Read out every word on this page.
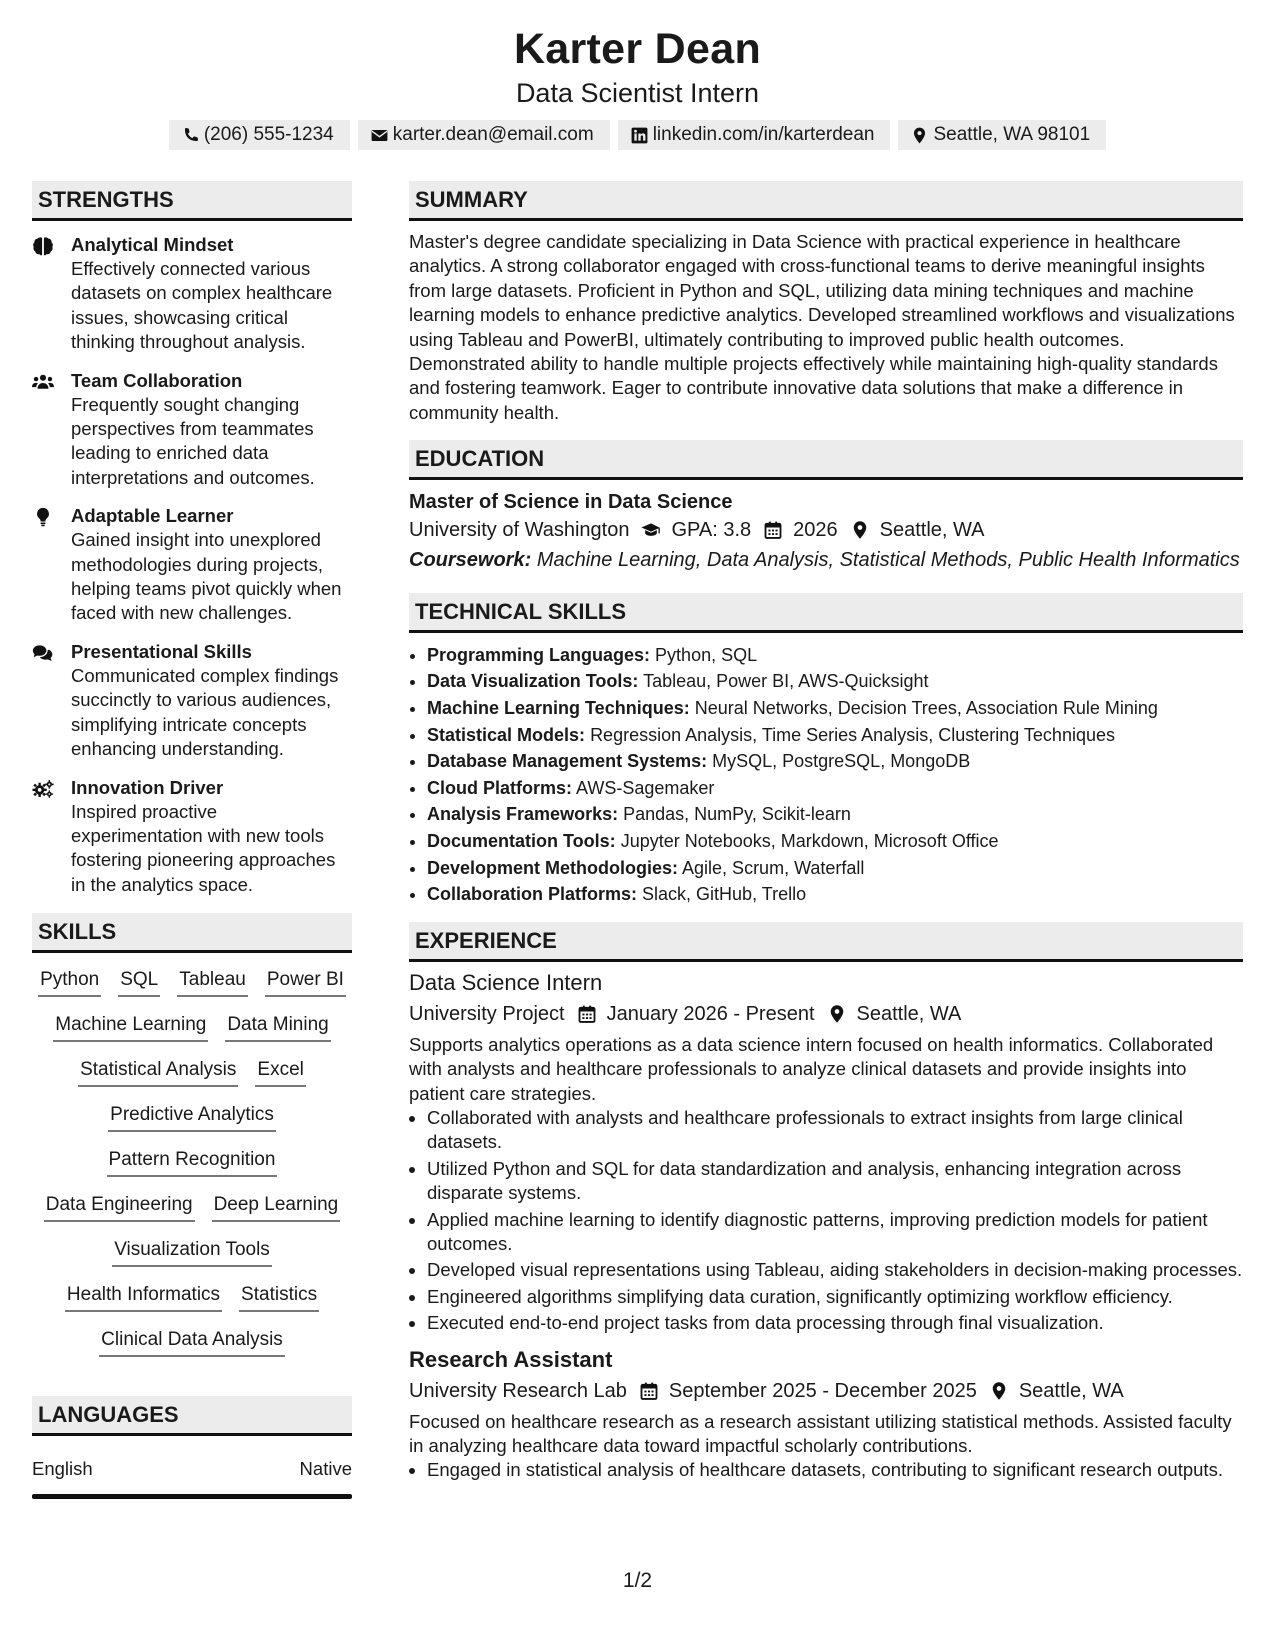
Karter Dean
Data Scientist Intern
(206) 555-1234	karter.dean@email.com	linkedin.com/in/karterdean	Seattle, WA 98101
STRENGTHS
Analytical Mindset
Effectively connected various datasets on complex healthcare issues, showcasing critical thinking throughout analysis.
Team Collaboration
Frequently sought changing perspectives from teammates leading to enriched data interpretations and outcomes.
Adaptable Learner
Gained insight into unexplored methodologies during projects, helping teams pivot quickly when faced with new challenges.
Presentational Skills
Communicated complex findings succinctly to various audiences, simplifying intricate concepts enhancing understanding.
Innovation Driver
Inspired proactive experimentation with new tools fostering pioneering approaches in the analytics space.
SKILLS
Python SQL Tableau Power BI
Machine Learning Data Mining
Statistical Analysis Excel
Predictive Analytics
Pattern Recognition
Data Engineering Deep Learning
Visualization Tools
Health Informatics Statistics
Clinical Data Analysis
LANGUAGES
English	Native
SUMMARY
Master's degree candidate specializing in Data Science with practical experience in healthcare analytics. A strong collaborator engaged with cross-functional teams to derive meaningful insights from large datasets. Proficient in Python and SQL, utilizing data mining techniques and machine learning models to enhance predictive analytics. Developed streamlined workflows and visualizations using Tableau and PowerBI, ultimately contributing to improved public health outcomes. Demonstrated ability to handle multiple projects effectively while maintaining high-quality standards and fostering teamwork. Eager to contribute innovative data solutions that make a difference in community health.
EDUCATION
Master of Science in Data Science
University of Washington GPA: 3.8 2026 Seattle, WA
Coursework: Machine Learning, Data Analysis, Statistical Methods, Public Health Informatics
TECHNICAL SKILLS
• Programming Languages: Python, SQL
• Data Visualization Tools: Tableau, Power BI, AWS-Quicksight
• Machine Learning Techniques: Neural Networks, Decision Trees, Association Rule Mining
• Statistical Models: Regression Analysis, Time Series Analysis, Clustering Techniques
• Database Management Systems: MySQL, PostgreSQL, MongoDB
• Cloud Platforms: AWS-Sagemaker
• Analysis Frameworks: Pandas, NumPy, Scikit-learn
• Documentation Tools: Jupyter Notebooks, Markdown, Microsoft Office
• Development Methodologies: Agile, Scrum, Waterfall
• Collaboration Platforms: Slack, GitHub, Trello
EXPERIENCE
Data Science Intern
University Project January 2026 - Present Seattle, WA
Supports analytics operations as a data science intern focused on health informatics. Collaborated with analysts and healthcare professionals to analyze clinical datasets and provide insights into patient care strategies.
• Collaborated with analysts and healthcare professionals to extract insights from large clinical datasets.
• Utilized Python and SQL for data standardization and analysis, enhancing integration across disparate systems.
• Applied machine learning to identify diagnostic patterns, improving prediction models for patient outcomes.
• Developed visual representations using Tableau, aiding stakeholders in decision-making processes.
• Engineered algorithms simplifying data curation, significantly optimizing workflow efficiency.
• Executed end-to-end project tasks from data processing through final visualization.
Research Assistant
University Research Lab September 2025 - December 2025 Seattle, WA
Focused on healthcare research as a research assistant utilizing statistical methods. Assisted faculty in analyzing healthcare data toward impactful scholarly contributions.
• Engaged in statistical analysis of healthcare datasets, contributing to significant research outputs.
1/2
